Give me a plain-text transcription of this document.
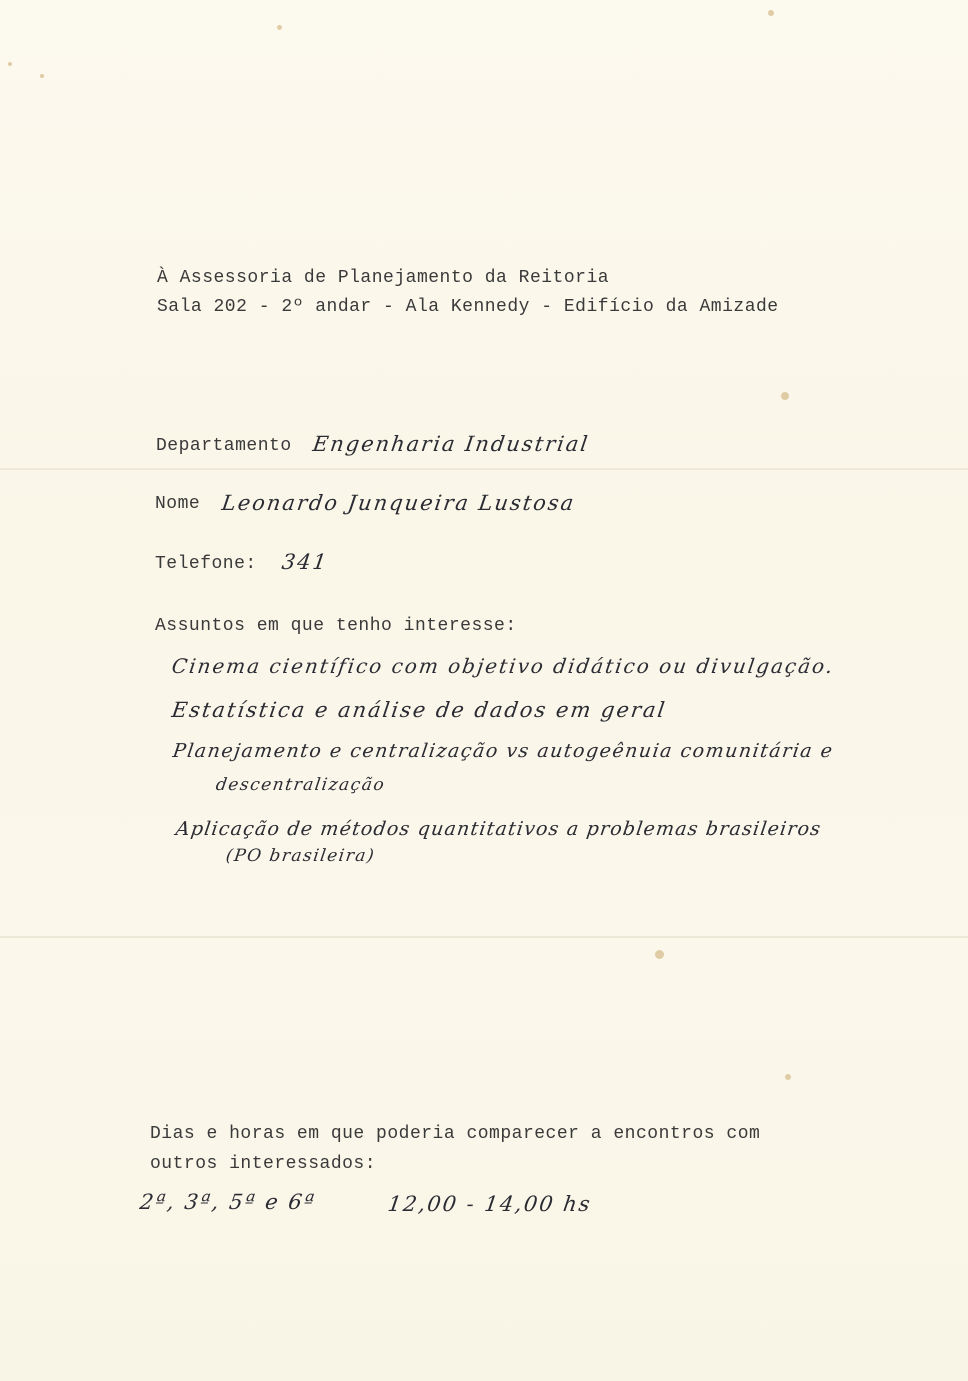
À Assessoria de Planejamento da Reitoria
Sala 202 - 2º andar - Ala Kennedy - Edifício da Amizade
Departamento Engenharia Industrial
Nome Leonardo Junqueira Lustosa
Telefone: 341
Assuntos em que tenho interesse:
Cinema científico com objetivo didático ou divulgação.
Estatística e análise de dados em geral
Planejamento e centralização vs autogeênuia comunitária e
descentralização
Aplicação de métodos quantitativos a problemas brasileiros
(PO brasileira)
Dias e horas em que poderia comparecer a encontros com
outros interessados:
2ª, 3ª, 5ª e 6ª	12,00 - 14,00 hs
